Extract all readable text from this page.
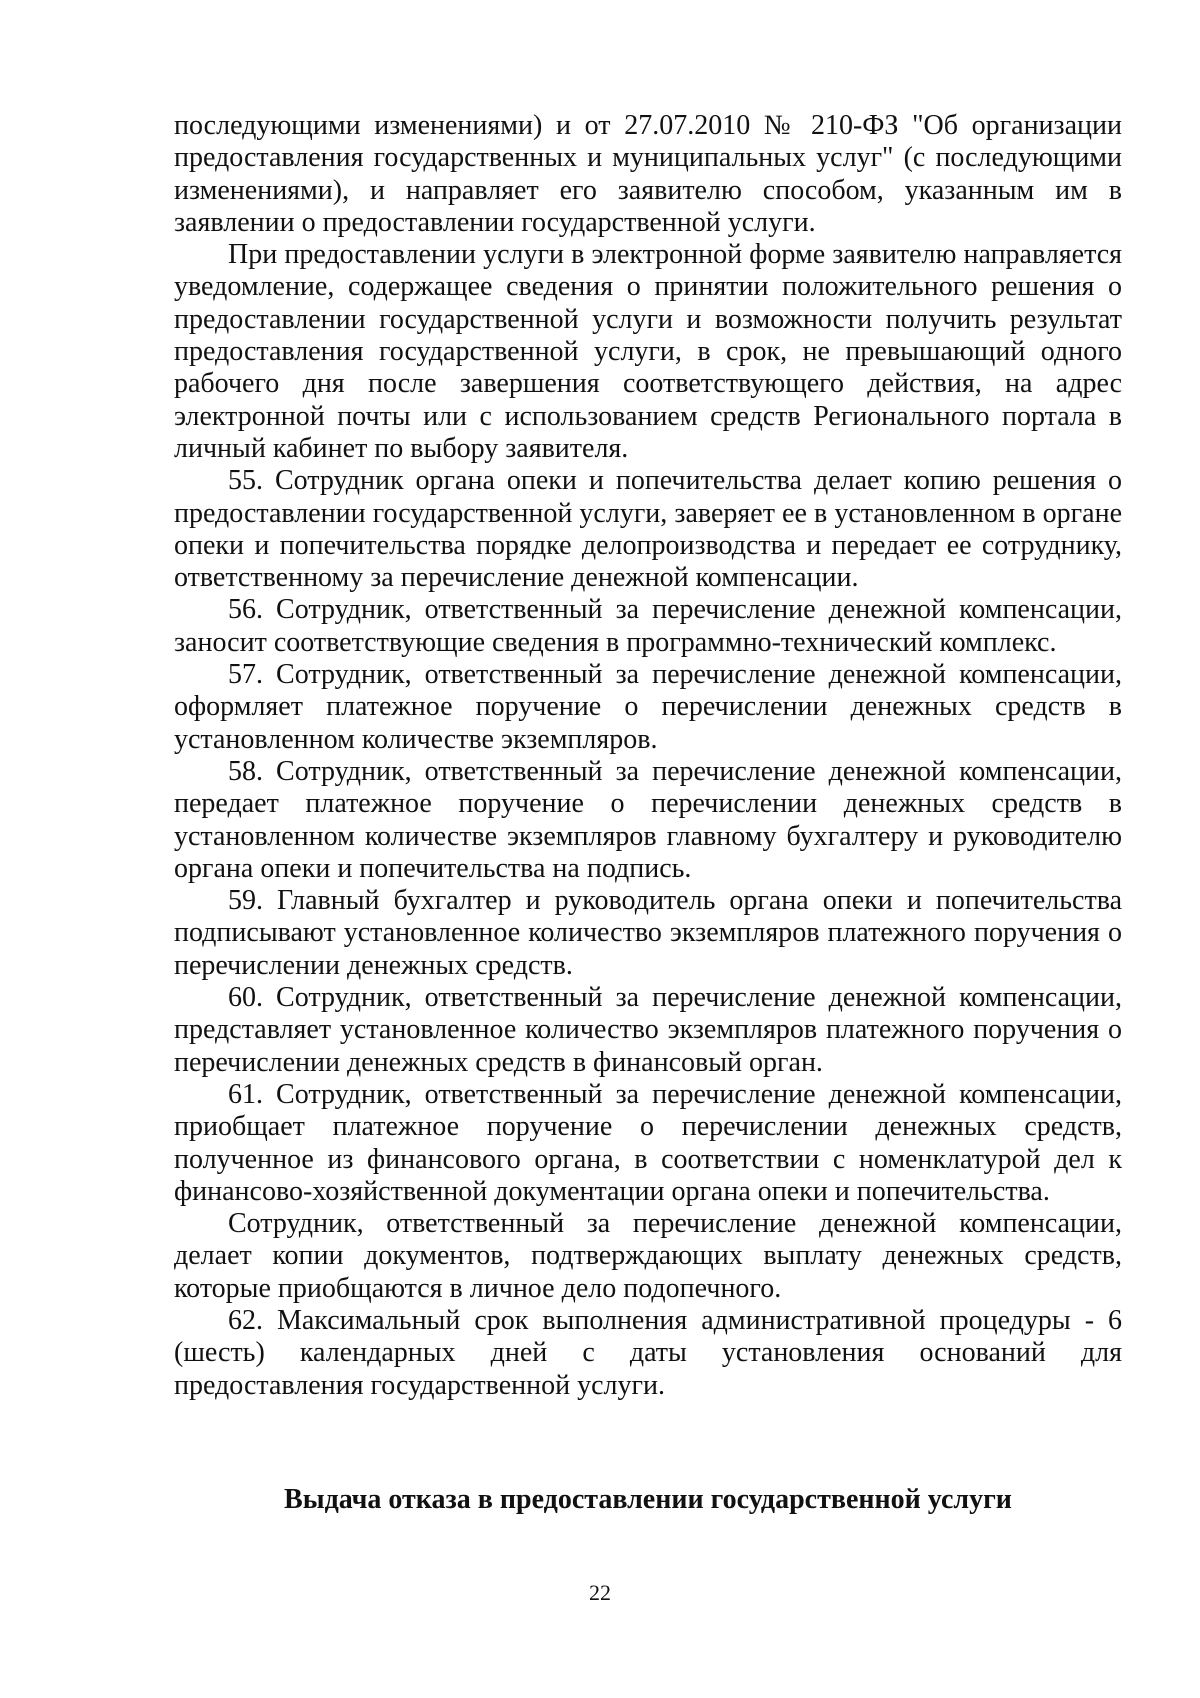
последующими изменениями) и от 27.07.2010 № 210-ФЗ "Об организации предоставления государственных и муниципальных услуг" (с последующими изменениями), и направляет его заявителю способом, указанным им в заявлении о предоставлении государственной услуги.

При предоставлении услуги в электронной форме заявителю направляется уведомление, содержащее сведения о принятии положительного решения о предоставлении государственной услуги и возможности получить результат предоставления государственной услуги, в срок, не превышающий одного рабочего дня после завершения соответствующего действия, на адрес электронной почты или с использованием средств Регионального портала в личный кабинет по выбору заявителя.

55. Сотрудник органа опеки и попечительства делает копию решения о предоставлении государственной услуги, заверяет ее в установленном в органе опеки и попечительства порядке делопроизводства и передает ее сотруднику, ответственному за перечисление денежной компенсации.

56. Сотрудник, ответственный за перечисление денежной компенсации, заносит соответствующие сведения в программно-технический комплекс.

57. Сотрудник, ответственный за перечисление денежной компенсации, оформляет платежное поручение о перечислении денежных средств в установленном количестве экземпляров.

58. Сотрудник, ответственный за перечисление денежной компенсации, передает платежное поручение о перечислении денежных средств в установленном количестве экземпляров главному бухгалтеру и руководителю органа опеки и попечительства на подпись.

59. Главный бухгалтер и руководитель органа опеки и попечительства подписывают установленное количество экземпляров платежного поручения о перечислении денежных средств.

60. Сотрудник, ответственный за перечисление денежной компенсации, представляет установленное количество экземпляров платежного поручения о перечислении денежных средств в финансовый орган.

61. Сотрудник, ответственный за перечисление денежной компенсации, приобщает платежное поручение о перечислении денежных средств, полученное из финансового органа, в соответствии с номенклатурой дел к финансово-хозяйственной документации органа опеки и попечительства.

Сотрудник, ответственный за перечисление денежной компенсации, делает копии документов, подтверждающих выплату денежных средств, которые приобщаются в личное дело подопечного.

62. Максимальный срок выполнения административной процедуры - 6 (шесть) календарных дней с даты установления оснований для предоставления государственной услуги.

Выдача отказа в предоставлении государственной услуги
22
